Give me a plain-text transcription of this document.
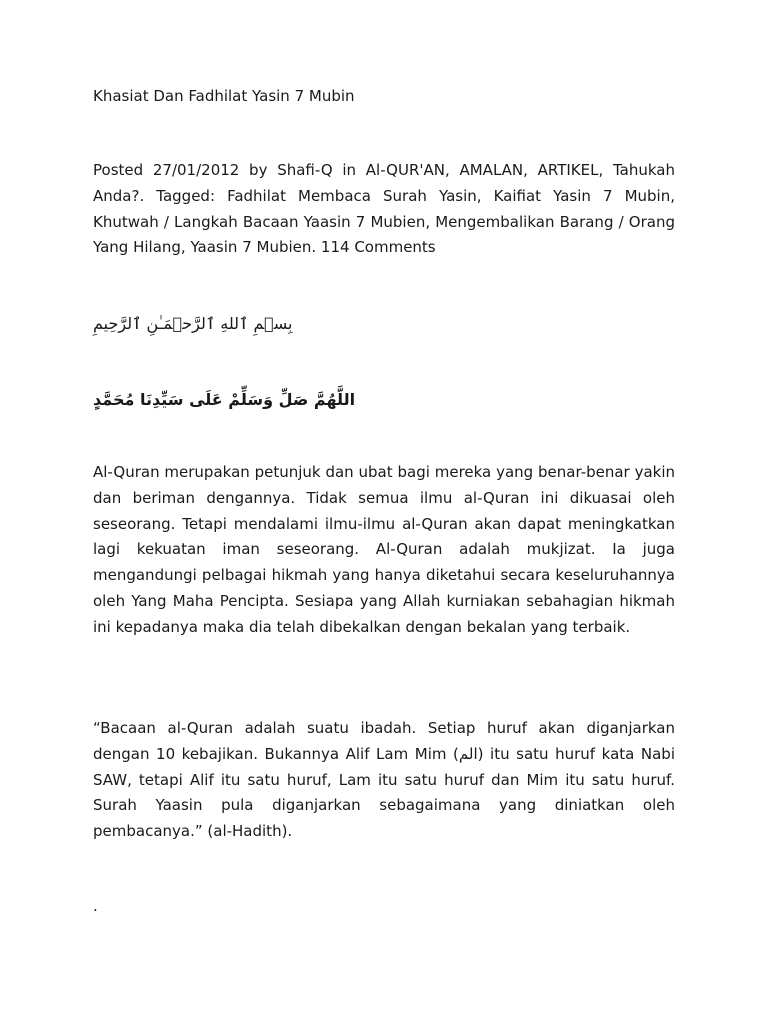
Khasiat Dan Fadhilat Yasin 7 Mubin

Posted 27/01/2012 by Shafi-Q in Al-QUR'AN, AMALAN, ARTIKEL, Tahukah Anda?. Tagged: Fadhilat Membaca Surah Yasin, Kaifiat Yasin 7 Mubin, Khutwah / Langkah Bacaan Yaasin 7 Mubien, Mengembalikan Barang / Orang Yang Hilang, Yaasin 7 Mubien. 114 Comments

بِسۡمِ ٱللهِ ٱلرَّحۡمَـٰنِ ٱلرَّحِيمِ
اللَّهُمَّ صَلِّ وَسَلِّمْ عَلَى سَيِّدِنَا مُحَمَّدٍ

Al-Quran merupakan petunjuk dan ubat bagi mereka yang benar-benar yakin dan beriman dengannya. Tidak semua ilmu al-Quran ini dikuasai oleh seseorang. Tetapi mendalami ilmu-ilmu al-Quran akan dapat meningkatkan lagi kekuatan iman seseorang. Al-Quran adalah mukjizat. Ia juga mengandungi pelbagai hikmah yang hanya diketahui secara keseluruhannya oleh Yang Maha Pencipta. Sesiapa yang Allah kurniakan sebahagian hikmah ini kepadanya maka dia telah dibekalkan dengan bekalan yang terbaik.

“Bacaan al-Quran adalah suatu ibadah. Setiap huruf akan diganjarkan dengan 10 kebajikan. Bukannya Alif Lam Mim (الم) itu satu huruf kata Nabi SAW, tetapi Alif itu satu huruf, Lam itu satu huruf dan Mim itu satu huruf. Surah Yaasin pula diganjarkan sebagaimana yang diniatkan oleh pembacanya.” (al-Hadith).

.
